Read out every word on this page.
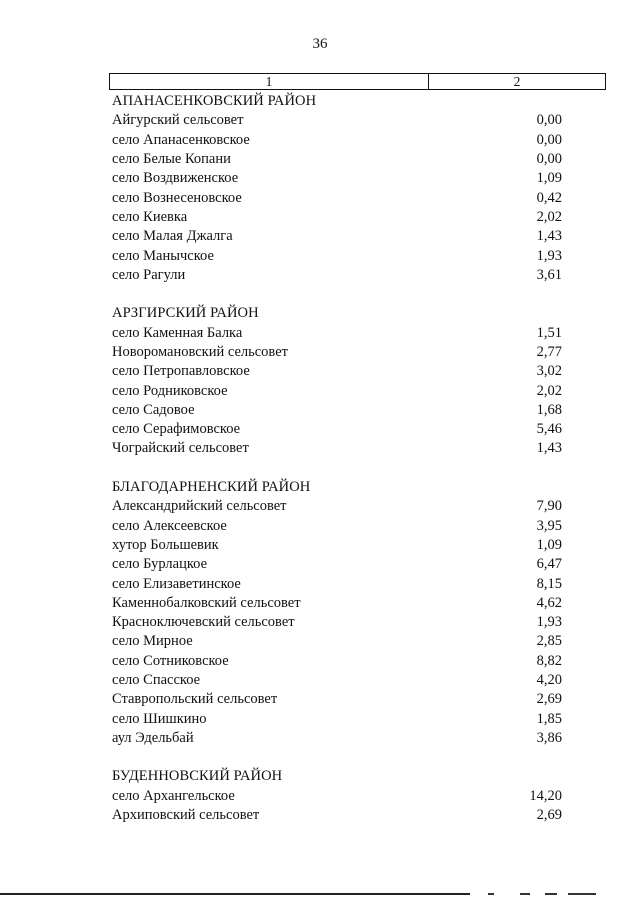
36
1	2
АПАНАСЕНКОВСКИЙ РАЙОН
Айгурский сельсовет	0,00
село Апанасенковское	0,00
село Белые Копани	0,00
село Воздвиженское	1,09
село Вознесеновское	0,42
село Киевка	2,02
село Малая Джалга	1,43
село Манычское	1,93
село Рагули	3,61
АРЗГИРСКИЙ РАЙОН
село Каменная Балка	1,51
Новоромановский сельсовет	2,77
село Петропавловское	3,02
село Родниковское	2,02
село Садовое	1,68
село Серафимовское	5,46
Чограйский сельсовет	1,43
БЛАГОДАРНЕНСКИЙ РАЙОН
Александрийский сельсовет	7,90
село Алексеевское	3,95
хутор Большевик	1,09
село Бурлацкое	6,47
село Елизаветинское	8,15
Каменнобалковский сельсовет	4,62
Красноключевский сельсовет	1,93
село Мирное	2,85
село Сотниковское	8,82
село Спасское	4,20
Ставропольский сельсовет	2,69
село Шишкино	1,85
аул Эдельбай	3,86
БУДЕННОВСКИЙ РАЙОН
село Архангельское	14,20
Архиповский сельсовет	2,69
